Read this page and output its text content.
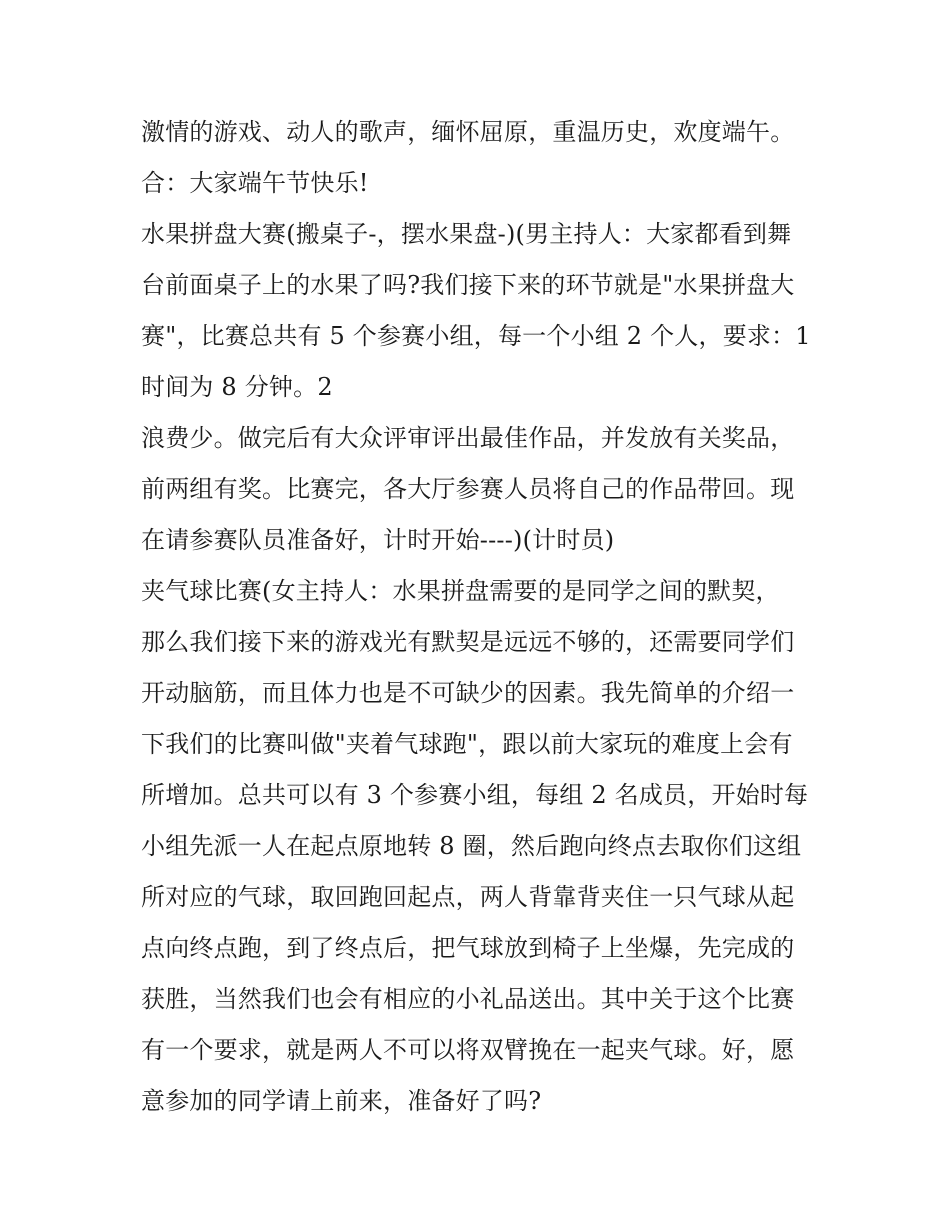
激情的游戏、动人的歌声，缅怀屈原，重温历史，欢度端午。
合：大家端午节快乐!
水果拼盘大赛(搬桌子-，摆水果盘-)(男主持人：大家都看到舞
台前面桌子上的水果了吗?我们接下来的环节就是"水果拼盘大
赛"，比赛总共有 5 个参赛小组，每一个小组 2 个人，要求：1
时间为 8 分钟。2
浪费少。做完后有大众评审评出最佳作品，并发放有关奖品，
前两组有奖。比赛完，各大厅参赛人员将自己的作品带回。现
在请参赛队员准备好，计时开始----)(计时员)
夹气球比赛(女主持人：水果拼盘需要的是同学之间的默契，
那么我们接下来的游戏光有默契是远远不够的，还需要同学们
开动脑筋，而且体力也是不可缺少的因素。我先简单的介绍一
下我们的比赛叫做"夹着气球跑"，跟以前大家玩的难度上会有
所增加。总共可以有 3 个参赛小组，每组 2 名成员，开始时每
小组先派一人在起点原地转 8 圈，然后跑向终点去取你们这组
所对应的气球，取回跑回起点，两人背靠背夹住一只气球从起
点向终点跑，到了终点后，把气球放到椅子上坐爆，先完成的
获胜，当然我们也会有相应的小礼品送出。其中关于这个比赛
有一个要求，就是两人不可以将双臂挽在一起夹气球。好，愿
意参加的同学请上前来，准备好了吗?
